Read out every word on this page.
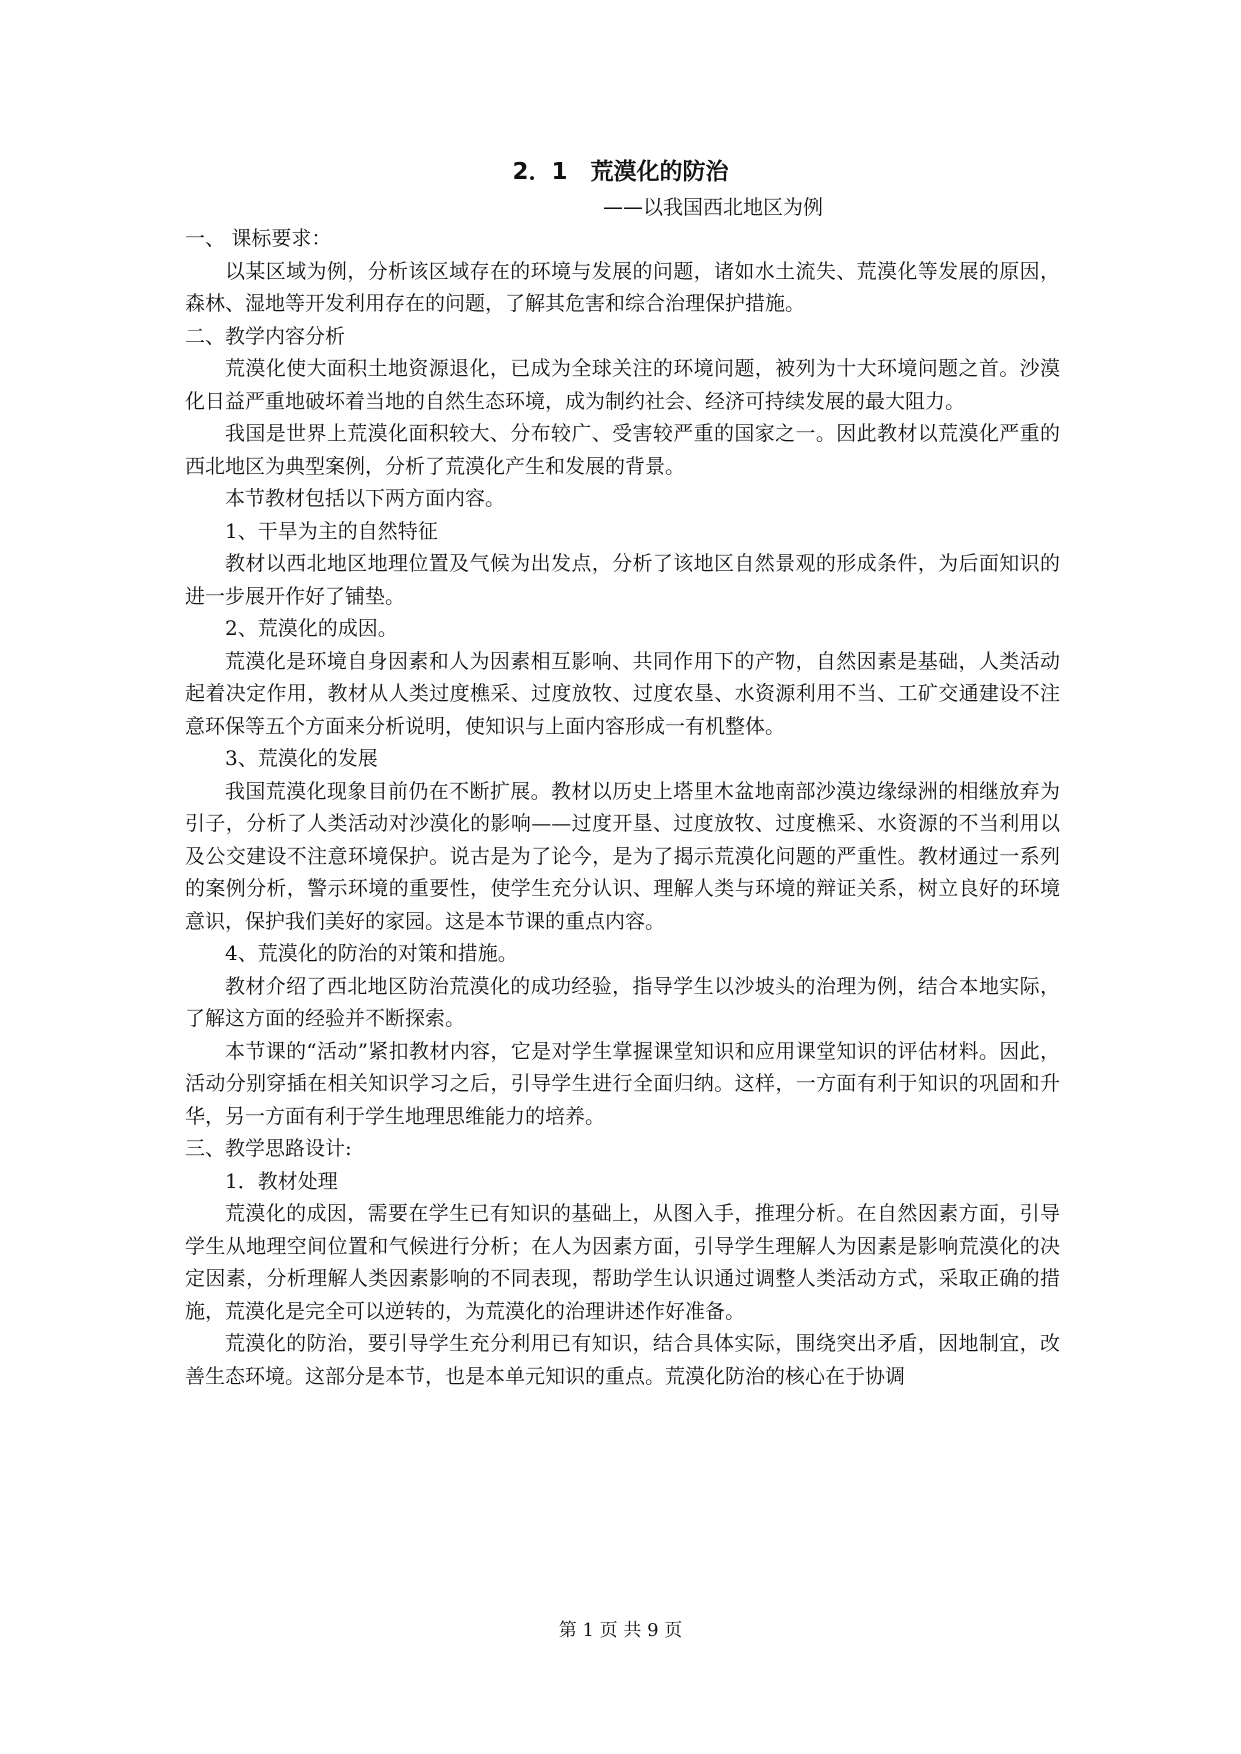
2．1　荒漠化的防治
——以我国西北地区为例

一、 课标要求：

以某区域为例，分析该区域存在的环境与发展的问题，诸如水土流失、荒漠化等发展的原因，森林、湿地等开发利用存在的问题，了解其危害和综合治理保护措施。

二、教学内容分析

荒漠化使大面积土地资源退化，已成为全球关注的环境问题，被列为十大环境问题之首。沙漠化日益严重地破坏着当地的自然生态环境，成为制约社会、经济可持续发展的最大阻力。

我国是世界上荒漠化面积较大、分布较广、受害较严重的国家之一。因此教材以荒漠化严重的西北地区为典型案例，分析了荒漠化产生和发展的背景。

本节教材包括以下两方面内容。

1、干旱为主的自然特征

教材以西北地区地理位置及气候为出发点，分析了该地区自然景观的形成条件，为后面知识的进一步展开作好了铺垫。

2、荒漠化的成因。

荒漠化是环境自身因素和人为因素相互影响、共同作用下的产物，自然因素是基础，人类活动起着决定作用，教材从人类过度樵采、过度放牧、过度农垦、水资源利用不当、工矿交通建设不注意环保等五个方面来分析说明，使知识与上面内容形成一有机整体。

3、荒漠化的发展

我国荒漠化现象目前仍在不断扩展。教材以历史上塔里木盆地南部沙漠边缘绿洲的相继放弃为引子，分析了人类活动对沙漠化的影响——过度开垦、过度放牧、过度樵采、水资源的不当利用以及公交建设不注意环境保护。说古是为了论今，是为了揭示荒漠化问题的严重性。教材通过一系列的案例分析，警示环境的重要性，使学生充分认识、理解人类与环境的辩证关系，树立良好的环境意识，保护我们美好的家园。这是本节课的重点内容。

4、荒漠化的防治的对策和措施。

教材介绍了西北地区防治荒漠化的成功经验，指导学生以沙坡头的治理为例，结合本地实际，了解这方面的经验并不断探索。

本节课的“活动”紧扣教材内容，它是对学生掌握课堂知识和应用课堂知识的评估材料。因此，活动分别穿插在相关知识学习之后，引导学生进行全面归纳。这样，一方面有利于知识的巩固和升华，另一方面有利于学生地理思维能力的培养。

三、教学思路设计:

1．教材处理

荒漠化的成因，需要在学生已有知识的基础上，从图入手，推理分析。在自然因素方面，引导学生从地理空间位置和气候进行分析；在人为因素方面，引导学生理解人为因素是影响荒漠化的决定因素，分析理解人类因素影响的不同表现，帮助学生认识通过调整人类活动方式，采取正确的措施，荒漠化是完全可以逆转的，为荒漠化的治理讲述作好准备。

荒漠化的防治，要引导学生充分利用已有知识，结合具体实际，围绕突出矛盾，因地制宜，改善生态环境。这部分是本节，也是本单元知识的重点。荒漠化防治的核心在于协调

第 1 页 共 9 页
